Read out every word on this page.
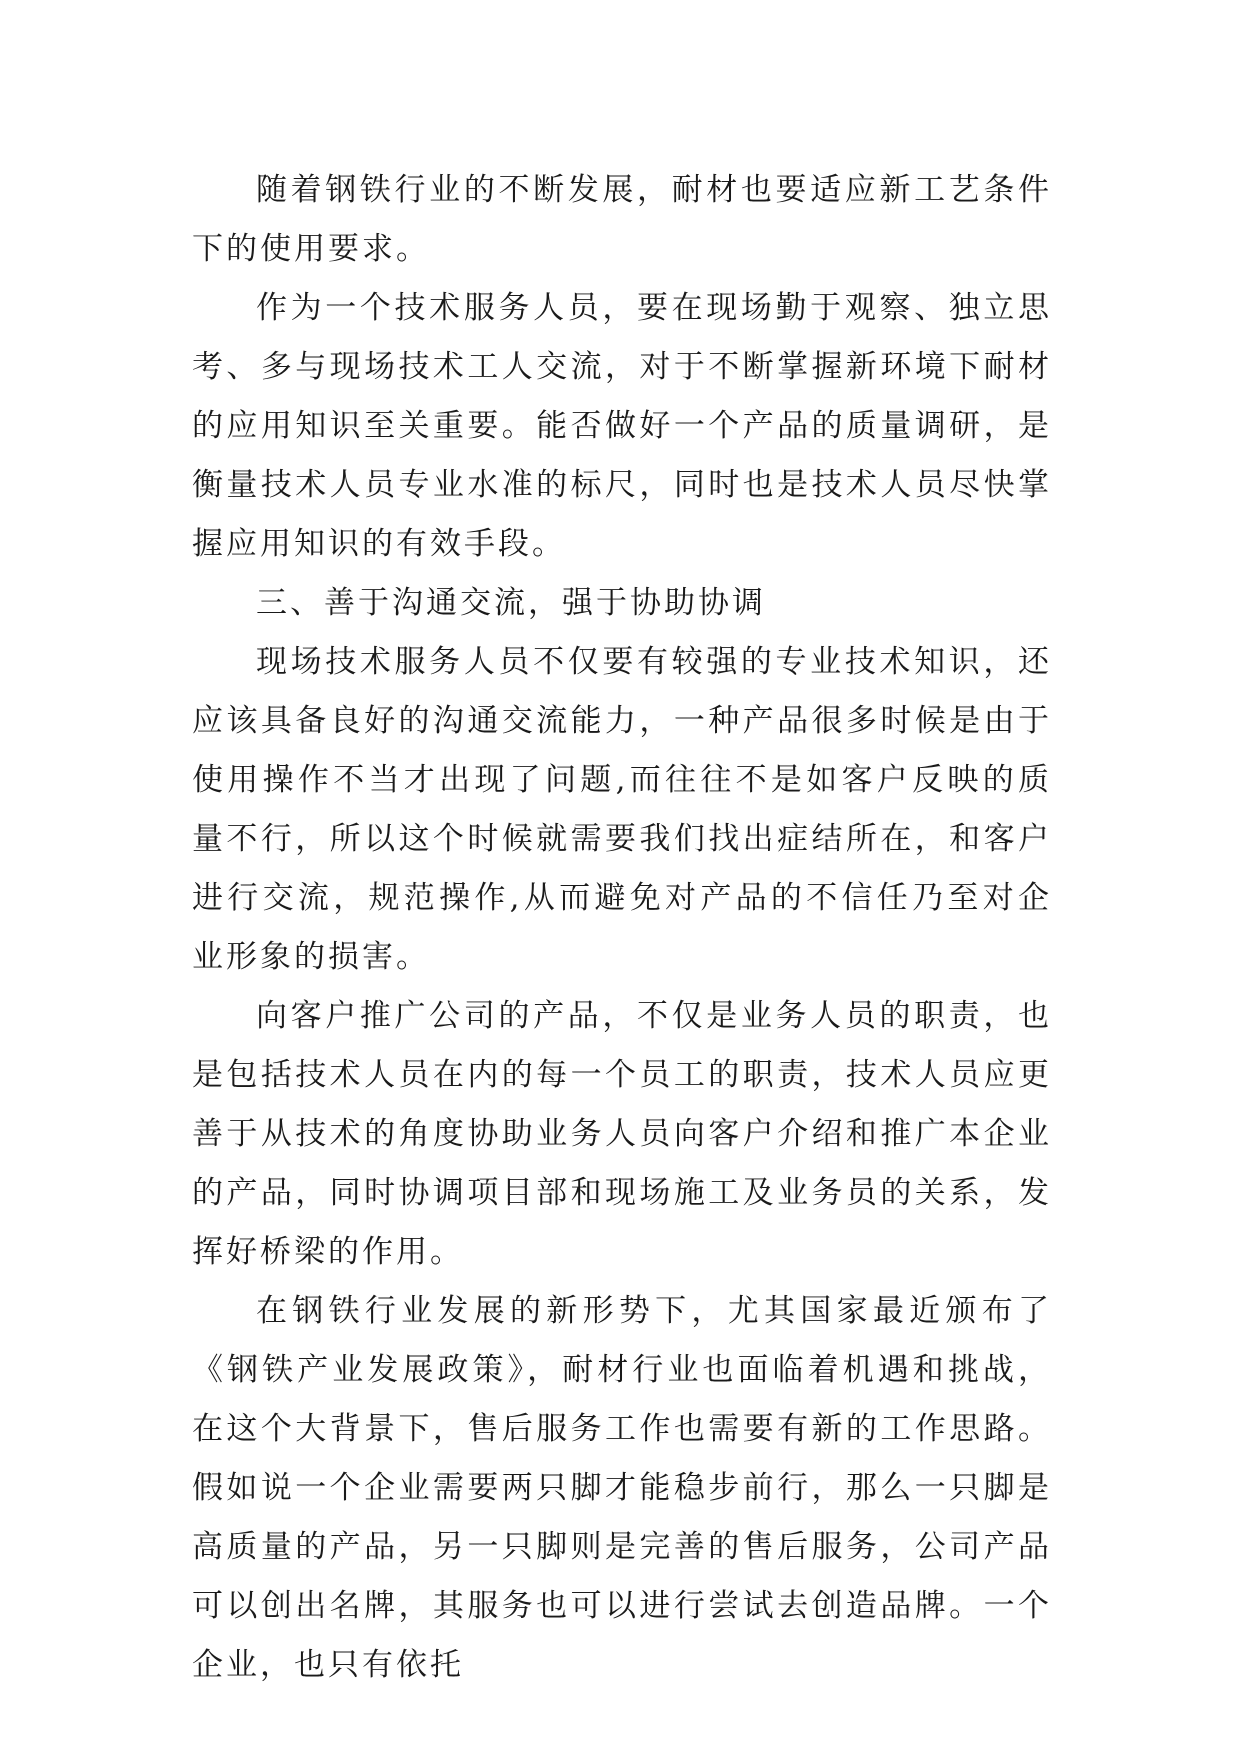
随着钢铁行业的不断发展，耐材也要适应新工艺条件下的使用要求。

作为一个技术服务人员，要在现场勤于观察、独立思考、多与现场技术工人交流，对于不断掌握新环境下耐材的应用知识至关重要。能否做好一个产品的质量调研，是衡量技术人员专业水准的标尺，同时也是技术人员尽快掌握应用知识的有效手段。

三、善于沟通交流，强于协助协调

现场技术服务人员不仅要有较强的专业技术知识，还应该具备良好的沟通交流能力，一种产品很多时候是由于使用操作不当才出现了问题,而往往不是如客户反映的质量不行，所以这个时候就需要我们找出症结所在，和客户进行交流，规范操作,从而避免对产品的不信任乃至对企业形象的损害。

向客户推广公司的产品，不仅是业务人员的职责，也是包括技术人员在内的每一个员工的职责，技术人员应更善于从技术的角度协助业务人员向客户介绍和推广本企业的产品，同时协调项目部和现场施工及业务员的关系，发挥好桥梁的作用。

在钢铁行业发展的新形势下，尤其国家最近颁布了《钢铁产业发展政策》，耐材行业也面临着机遇和挑战，在这个大背景下，售后服务工作也需要有新的工作思路。假如说一个企业需要两只脚才能稳步前行，那么一只脚是高质量的产品，另一只脚则是完善的售后服务，公司产品可以创出名牌，其服务也可以进行尝试去创造品牌。一个企业，也只有依托
